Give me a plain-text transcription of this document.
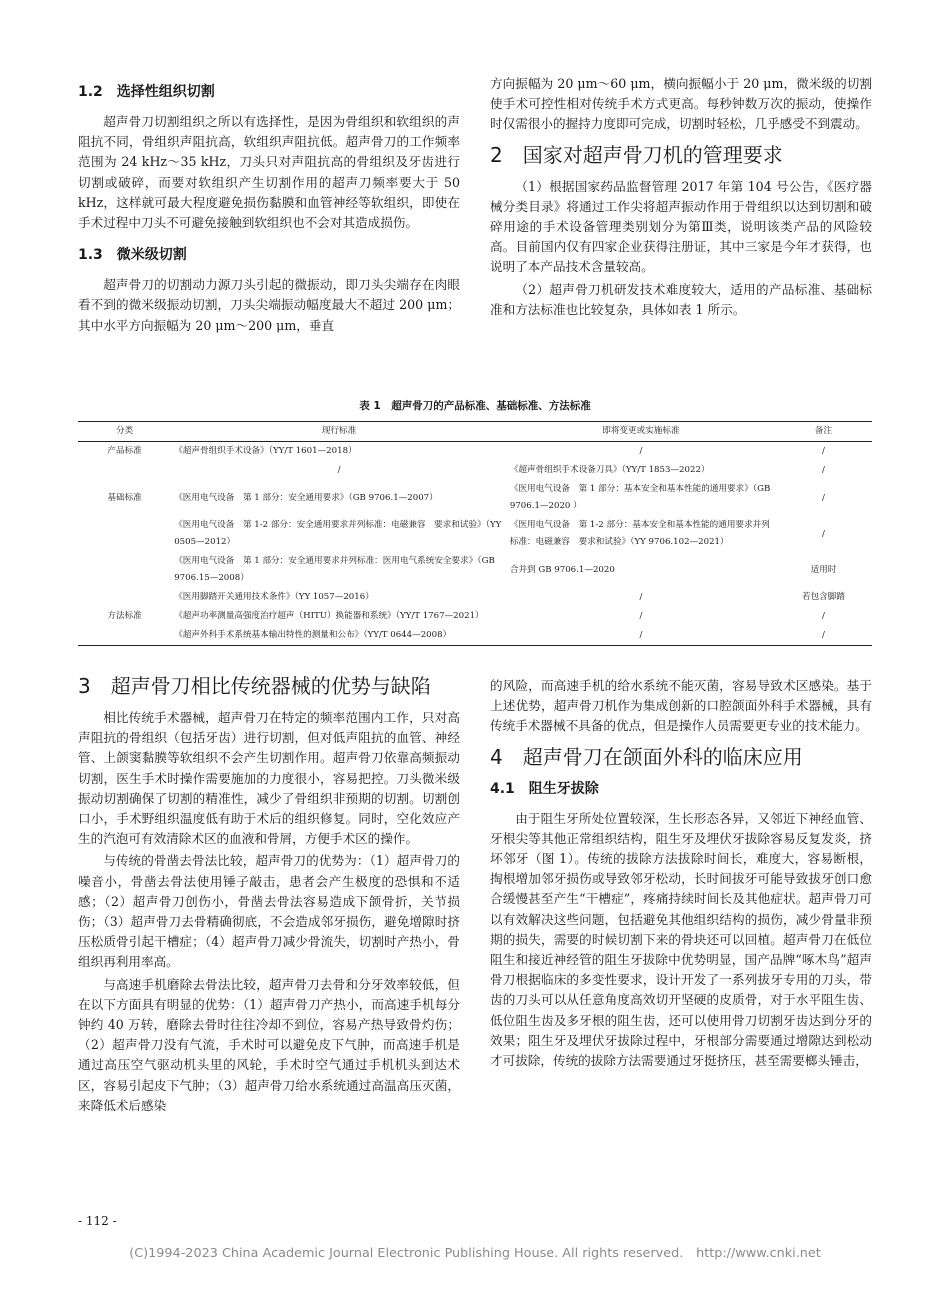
1.2　选择性组织切割

超声骨刀切割组织之所以有选择性，是因为骨组织和软组织的声阻抗不同，骨组织声阻抗高，软组织声阻抗低。超声骨刀的工作频率范围为 24 kHz～35 kHz，刀头只对声阻抗高的骨组织及牙齿进行切割或破碎，而要对软组织产生切割作用的超声刀频率要大于 50 kHz，这样就可最大程度避免损伤黏膜和血管神经等软组织，即使在手术过程中刀头不可避免接触到软组织也不会对其造成损伤。

1.3　微米级切割

超声骨刀的切割动力源刀头引起的微振动，即刀头尖端存在肉眼看不到的微米级振动切割，刀头尖端振动幅度最大不超过 200 μm；其中水平方向振幅为 20 μm～200 μm，垂直

方向振幅为 20 μm～60 μm，横向振幅小于 20 μm，微米级的切割使手术可控性相对传统手术方式更高。每秒钟数万次的振动，使操作时仅需很小的握持力度即可完成，切割时轻松，几乎感受不到震动。

2　国家对超声骨刀机的管理要求

（1）根据国家药品监督管理 2017 年第 104 号公告，《医疗器械分类目录》将通过工作尖将超声振动作用于骨组织以达到切割和破碎用途的手术设备管理类别划分为第Ⅲ类，说明该类产品的风险较高。目前国内仅有四家企业获得注册证，其中三家是今年才获得，也说明了本产品技术含量较高。

（2）超声骨刀机研发技术难度较大，适用的产品标准、基础标准和方法标准也比较复杂，具体如表 1 所示。

表 1　超声骨刀的产品标准、基础标准、方法标准
分类	现行标准	即将变更或实施标准	备注
产品标准	《超声骨组织手术设备》（YY/T 1601—2018）	/	/
	/	《超声骨组织手术设备刀具》（YY/T 1853—2022）	/
基础标准	《医用电气设备　第 1 部分：安全通用要求》（GB 9706.1—2007）	《医用电气设备　第 1 部分：基本安全和基本性能的通用要求》（GB 9706.1—2020 ）	/
	《医用电气设备　第 1-2 部分：安全通用要求并列标准：电磁兼容　要求和试验》（YY 0505—2012）	《医用电气设备　第 1-2 部分：基本安全和基本性能的通用要求并列标准：电磁兼容　要求和试验》（YY 9706.102—2021）	/
	《医用电气设备　第 1 部分：安全通用要求并列标准：医用电气系统安全要求》（GB 9706.15—2008）	合并到 GB 9706.1—2020	适用时
	《医用脚踏开关通用技术条件》（YY 1057—2016）	/	若包含脚踏
方法标准	《超声功率测量高强度治疗超声（HITU）换能器和系统》（YY/T 1767—2021）	/	/
	《超声外科手术系统基本输出特性的测量和公布》（YY/T 0644—2008）	/	/
3　超声骨刀相比传统器械的优势与缺陷

相比传统手术器械，超声骨刀在特定的频率范围内工作，只对高声阻抗的骨组织（包括牙齿）进行切割，但对低声阻抗的血管、神经管、上颌窦黏膜等软组织不会产生切割作用。超声骨刀依靠高频振动切割，医生手术时操作需要施加的力度很小，容易把控。刀头微米级振动切割确保了切割的精准性，减少了骨组织非预期的切割。切割创口小，手术野组织温度低有助于术后的组织修复。同时，空化效应产生的汽泡可有效清除术区的血液和骨屑，方便手术区的操作。

与传统的骨凿去骨法比较，超声骨刀的优势为：（1）超声骨刀的噪音小，骨凿去骨法使用锤子敲击，患者会产生极度的恐惧和不适感；（2）超声骨刀创伤小，骨凿去骨法容易造成下颌骨折，关节损伤；（3）超声骨刀去骨精确彻底，不会造成邻牙损伤，避免增隙时挤压松质骨引起干槽症；（4）超声骨刀减少骨流失，切割时产热小，骨组织再利用率高。

与高速手机磨除去骨法比较，超声骨刀去骨和分牙效率较低，但在以下方面具有明显的优势：（1）超声骨刀产热小，而高速手机每分钟约 40 万转，磨除去骨时往往冷却不到位，容易产热导致骨灼伤；（2）超声骨刀没有气流，手术时可以避免皮下气肿，而高速手机是通过高压空气驱动机头里的风轮，手术时空气通过手机机头到达术区，容易引起皮下气肿；（3）超声骨刀给水系统通过高温高压灭菌，来降低术后感染

的风险，而高速手机的给水系统不能灭菌，容易导致术区感染。基于上述优势，超声骨刀机作为集成创新的口腔颌面外科手术器械，具有传统手术器械不具备的优点，但是操作人员需要更专业的技术能力。

4　超声骨刀在颌面外科的临床应用
4.1　阻生牙拔除

由于阻生牙所处位置较深，生长形态各异，又邻近下神经血管、牙根尖等其他正常组织结构，阻生牙及埋伏牙拔除容易反复发炎，挤坏邻牙（图 1）。传统的拔除方法拔除时间长，难度大，容易断根，掏根增加邻牙损伤或导致邻牙松动，长时间拔牙可能导致拔牙创口愈合缓慢甚至产生“干槽症”，疼痛持续时间长及其他症状。超声骨刀可以有效解决这些问题，包括避免其他组织结构的损伤，减少骨量非预期的损失，需要的时候切割下来的骨块还可以回植。超声骨刀在低位阻生和接近神经管的阻生牙拔除中优势明显，国产品牌“啄木鸟”超声骨刀根据临床的多变性要求，设计开发了一系列拔牙专用的刀头，带齿的刀头可以从任意角度高效切开坚硬的皮质骨，对于水平阻生齿、低位阻生齿及多牙根的阻生齿，还可以使用骨刀切割牙齿达到分牙的效果；阻生牙及埋伏牙拔除过程中，牙根部分需要通过增隙达到松动才可拔除，传统的拔除方法需要通过牙挺挤压，甚至需要榔头锤击，

- 112 -
(C)1994-2023 China Academic Journal Electronic Publishing House. All rights reserved.　http://www.cnki.net
